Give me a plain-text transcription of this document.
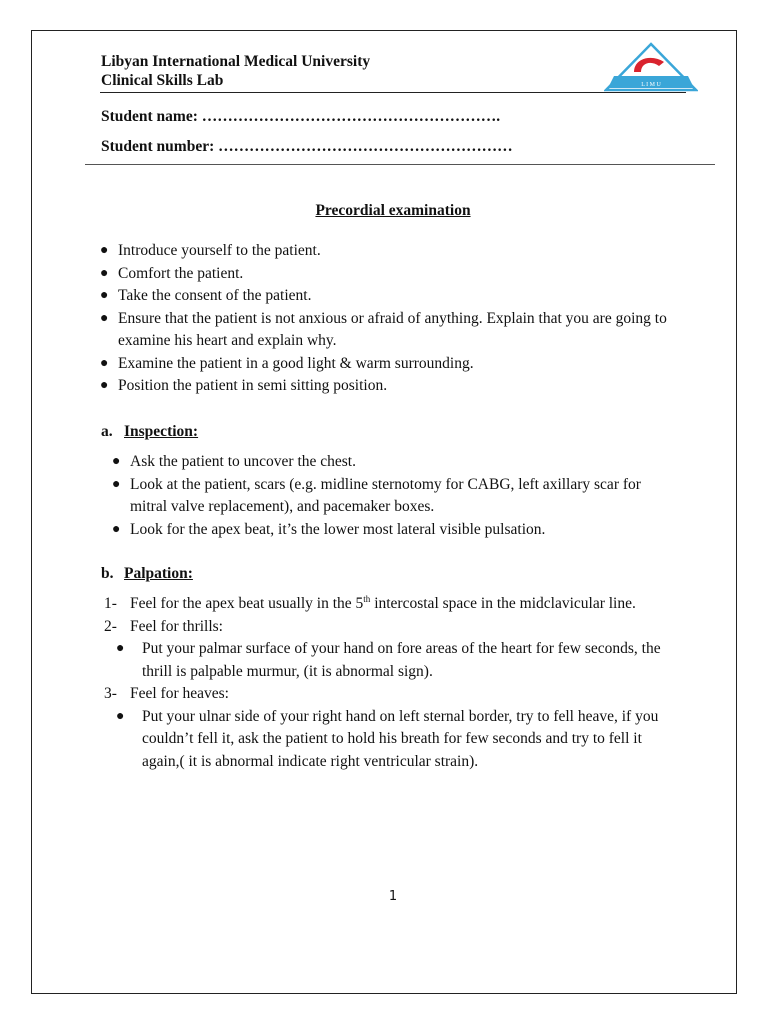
Libyan International Medical University
Clinical Skills Lab	L I M U
Student name: ………………………………………………….
Student number: …………………………………………………
Precordial examination
● Introduce yourself to the patient.
● Comfort the patient.
● Take the consent of the patient.
● Ensure that the patient is not anxious or afraid of anything. Explain that you are going to examine his heart and explain why.
● Examine the patient in a good light & warm surrounding.
● Position the patient in semi sitting position.
a. Inspection:
● Ask the patient to uncover the chest.
● Look at the patient, scars (e.g. midline sternotomy for CABG, left axillary scar for mitral valve replacement), and pacemaker boxes.
● Look for the apex beat, it’s the lower most lateral visible pulsation.
b. Palpation:
1- Feel for the apex beat usually in the 5th intercostal space in the midclavicular line.
2- Feel for thrills:
● Put your palmar surface of your hand on fore areas of the heart for few seconds, the thrill is palpable murmur, (it is abnormal sign).
3- Feel for heaves:
● Put your ulnar side of your right hand on left sternal border, try to fell heave, if you couldn’t fell it, ask the patient to hold his breath for few seconds and try to fell it again,( it is abnormal indicate right ventricular strain).
1
